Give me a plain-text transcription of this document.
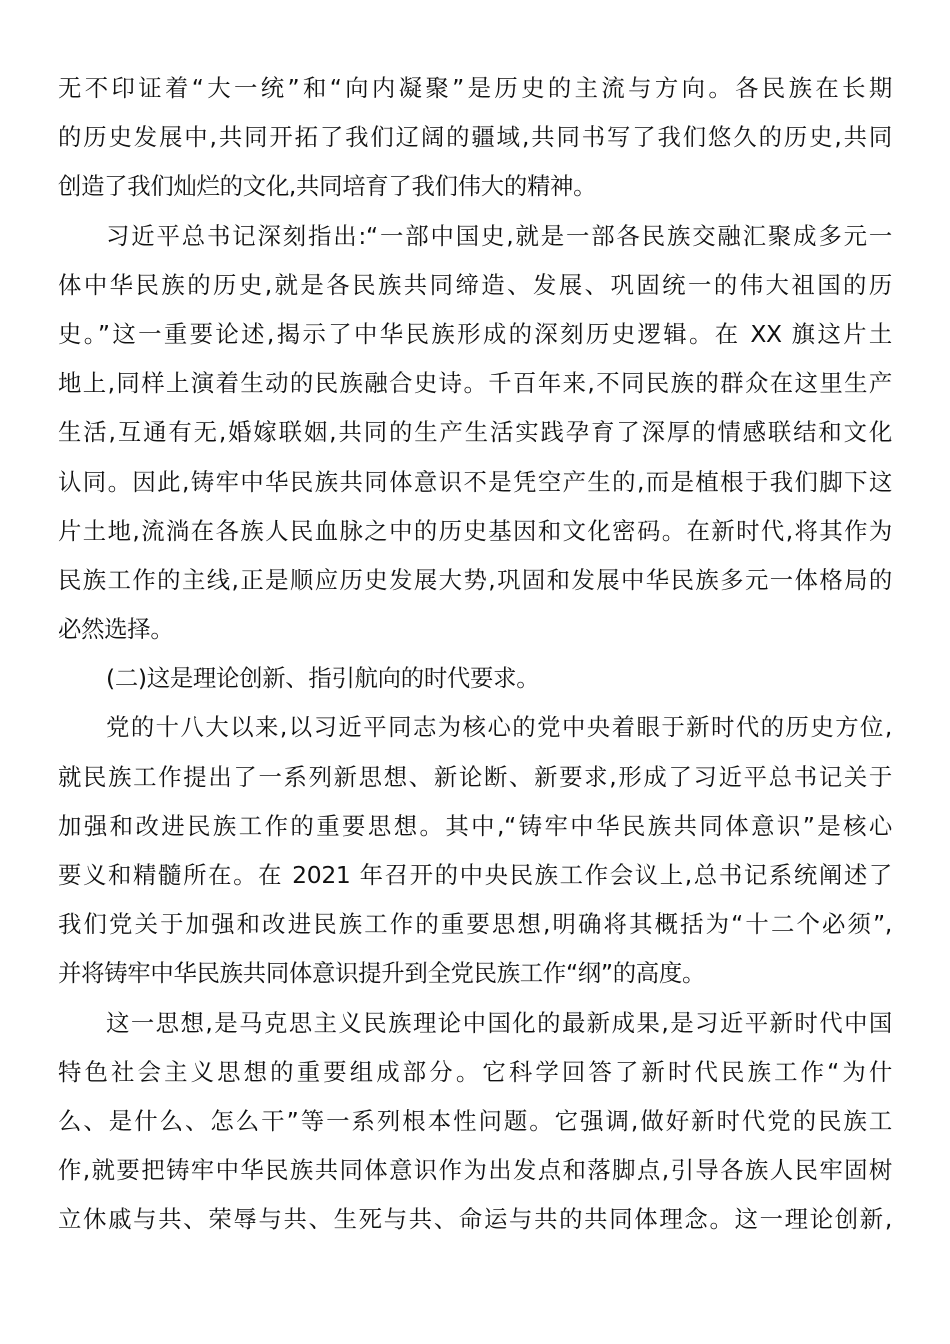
无不印证着“大一统”和“向内凝聚”是历史的主流与方向。各民族在长期
的历史发展中,共同开拓了我们辽阔的疆域,共同书写了我们悠久的历史,共同
创造了我们灿烂的文化,共同培育了我们伟大的精神。
习近平总书记深刻指出:“一部中国史,就是一部各民族交融汇聚成多元一
体中华民族的历史,就是各民族共同缔造、发展、巩固统一的伟大祖国的历
史。”这一重要论述,揭示了中华民族形成的深刻历史逻辑。在 XX 旗这片土
地上,同样上演着生动的民族融合史诗。千百年来,不同民族的群众在这里生产
生活,互通有无,婚嫁联姻,共同的生产生活实践孕育了深厚的情感联结和文化
认同。因此,铸牢中华民族共同体意识不是凭空产生的,而是植根于我们脚下这
片土地,流淌在各族人民血脉之中的历史基因和文化密码。在新时代,将其作为
民族工作的主线,正是顺应历史发展大势,巩固和发展中华民族多元一体格局的
必然选择。
(二)这是理论创新、指引航向的时代要求。
党的十八大以来,以习近平同志为核心的党中央着眼于新时代的历史方位,
就民族工作提出了一系列新思想、新论断、新要求,形成了习近平总书记关于
加强和改进民族工作的重要思想。其中,“铸牢中华民族共同体意识”是核心
要义和精髓所在。在 2021 年召开的中央民族工作会议上,总书记系统阐述了
我们党关于加强和改进民族工作的重要思想,明确将其概括为“十二个必须”,
并将铸牢中华民族共同体意识提升到全党民族工作“纲”的高度。
这一思想,是马克思主义民族理论中国化的最新成果,是习近平新时代中国
特色社会主义思想的重要组成部分。它科学回答了新时代民族工作“为什
么、是什么、怎么干”等一系列根本性问题。它强调,做好新时代党的民族工
作,就要把铸牢中华民族共同体意识作为出发点和落脚点,引导各族人民牢固树
立休戚与共、荣辱与共、生死与共、命运与共的共同体理念。这一理论创新,
